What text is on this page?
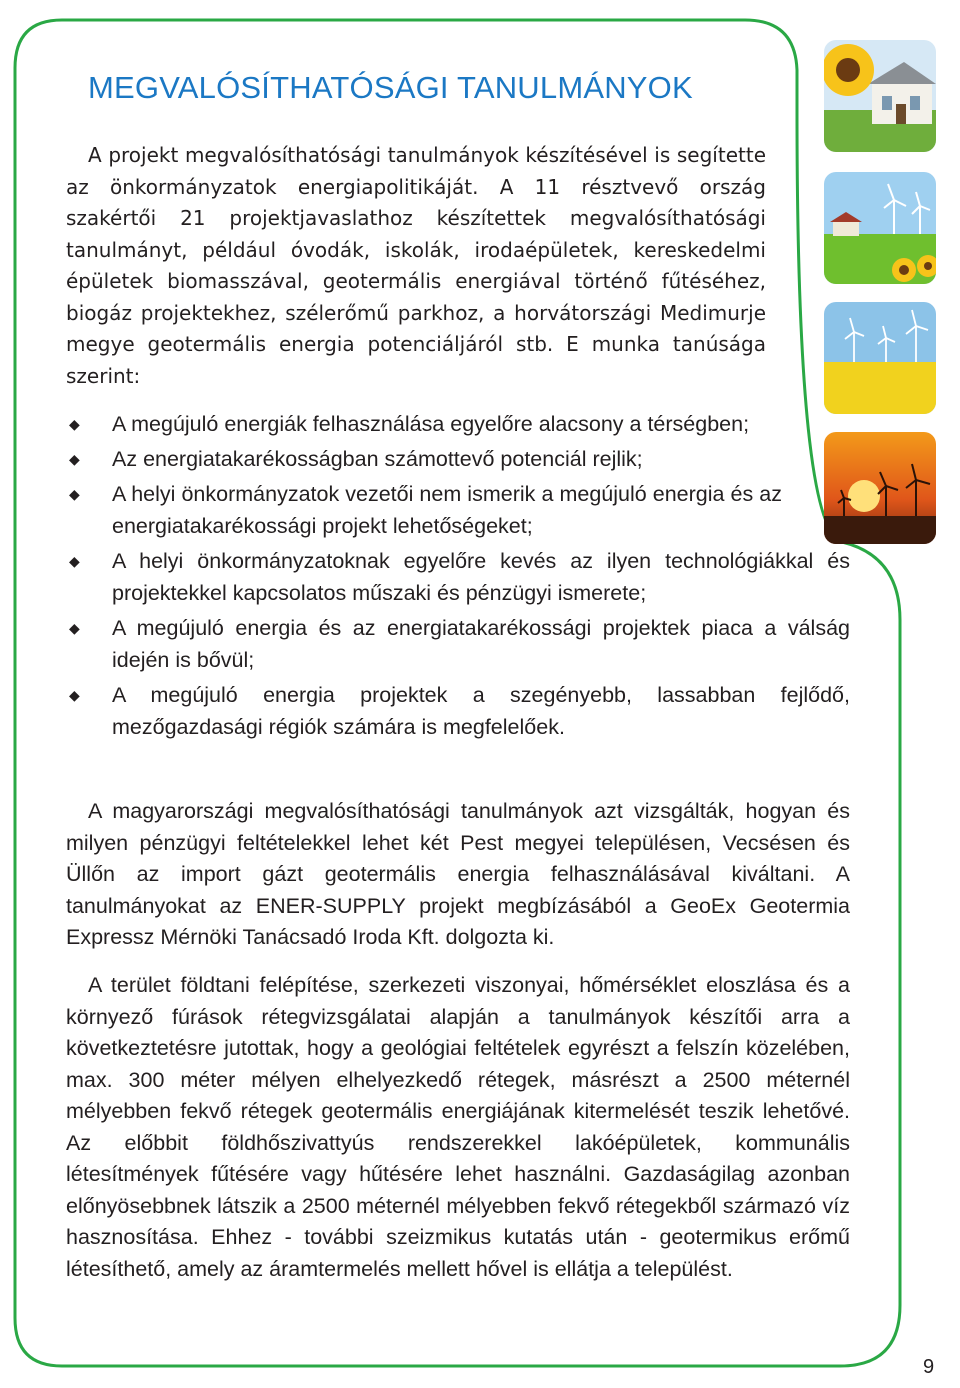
MEGVALÓSÍTHATÓSÁGI TANULMÁNYOK

A projekt megvalósíthatósági tanulmányok készítésével is segítette az önkormányzatok energiapolitikáját. A 11 résztvevő ország szakértői 21 projektjavaslathoz készítettek megvalósíthatósági tanulmányt, például óvodák, iskolák, irodaépületek, kereskedelmi épületek biomasszával, geotermális energiával történő fűtéséhez, biogáz projektekhez, szélerőmű parkhoz, a horvátországi Medimurje megye geotermális energia potenciáljáról stb. E munka tanúsága szerint:

◆ A megújuló energiák felhasználása egyelőre alacsony a térségben;
◆ Az energiatakarékosságban számottevő potenciál rejlik;
◆ A helyi önkormányzatok vezetői nem ismerik a megújuló energia és az energiatakarékossági projekt lehetőségeket;
◆ A helyi önkormányzatoknak egyelőre kevés az ilyen technológiákkal és projektekkel kapcsolatos műszaki és pénzügyi ismerete;
◆ A megújuló energia és az energiatakarékossági projektek piaca a válság idején is bővül;
◆ A megújuló energia projektek a szegényebb, lassabban fejlődő, mezőgazdasági régiók számára is megfelelőek.

A magyarországi megvalósíthatósági tanulmányok azt vizsgálták, hogyan és milyen pénzügyi feltételekkel lehet két Pest megyei településen, Vecsésen és Üllőn az import gázt geotermális energia felhasználásával kiváltani. A tanulmányokat az ENER-SUPPLY projekt megbízásából a GeoEx Geotermia Expressz Mérnöki Tanácsadó Iroda Kft. dolgozta ki.

A terület földtani felépítése, szerkezeti viszonyai, hőmérséklet eloszlása és a környező fúrások rétegvizsgálatai alapján a tanulmányok készítői arra a következtetésre jutottak, hogy a geológiai feltételek egyrészt a felszín közelében, max. 300 méter mélyen elhelyezkedő rétegek, másrészt a 2500 méternél mélyebben fekvő rétegek geotermális energiájának kitermelését teszik lehetővé. Az előbbit földhőszivattyús rendszerekkel lakóépületek, kommunális létesítmények fűtésére vagy hűtésére lehet használni. Gazdaságilag azonban előnyösebbnek látszik a 2500 méternél mélyebben fekvő rétegekből származó víz hasznosítása. Ehhez - további szeizmikus kutatás után - geotermikus erőmű létesíthető, amely az áramtermelés mellett hővel is ellátja a települést.

9
